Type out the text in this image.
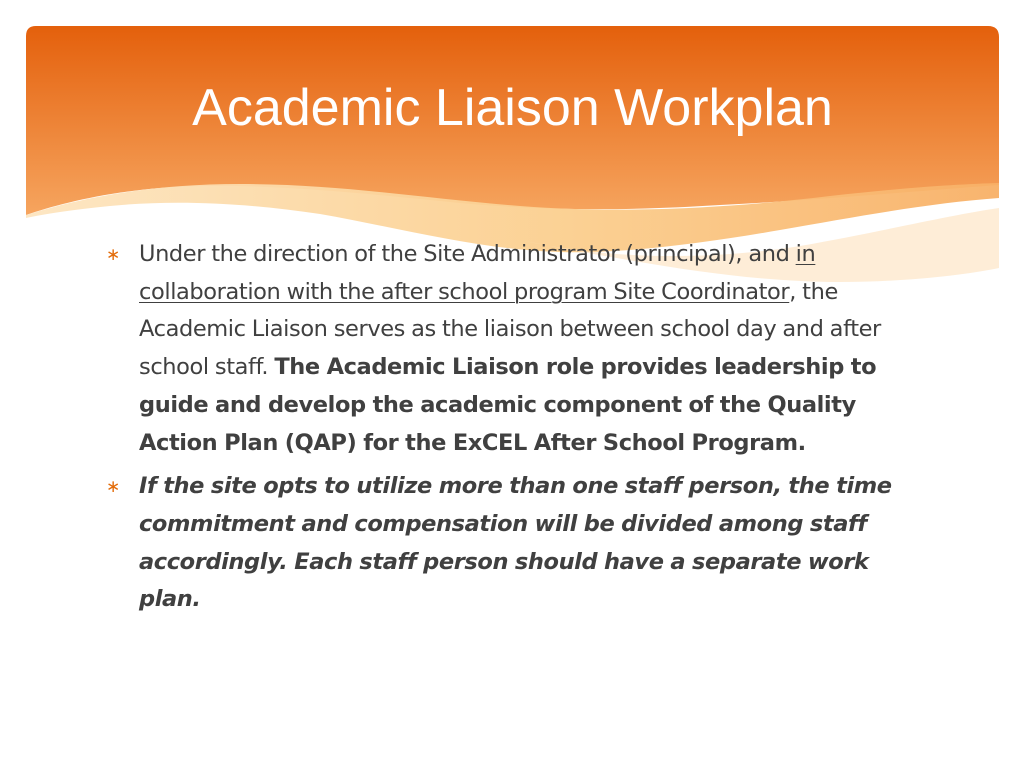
Academic Liaison Workplan
∗ Under the direction of the Site Administrator (principal), and in collaboration with the after school program Site Coordinator, the Academic Liaison serves as the liaison between school day and after school staff. The Academic Liaison role provides leadership to guide and develop the academic component of the Quality Action Plan (QAP) for the ExCEL After School Program.
∗ If the site opts to utilize more than one staff person, the time commitment and compensation will be divided among staff accordingly. Each staff person should have a separate work plan.
